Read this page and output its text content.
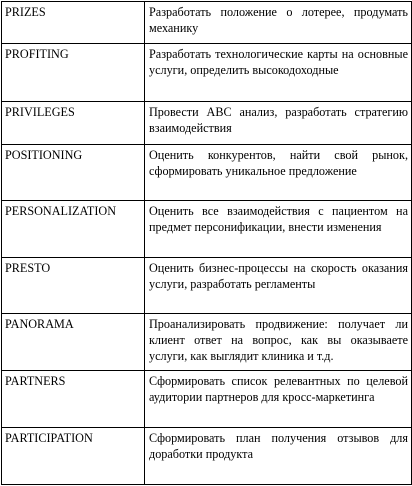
PRIZES	Разработать положение о лотерее, продумать механику
PROFITING	Разработать технологические карты на основные услуги, определить высокодоходные
PRIVILEGES	Провести ABC анализ, разработать стратегию взаимодействия
POSITIONING	Оценить конкурентов, найти свой рынок, сформировать уникальное предложение
PERSONALIZATION	Оценить все взаимодействия с пациентом на предмет персонификации, внести изменения
PRESTO	Оценить бизнес-процессы на скорость оказания услуги, разработать регламенты
PANORAMA	Проанализировать продвижение: получает ли клиент ответ на вопрос, как вы оказываете услуги, как выглядит клиника и т.д.
PARTNERS	Сформировать список релевантных по целевой аудитории партнеров для кросс-маркетинга
PARTICIPATION	Сформировать план получения отзывов для доработки продукта
